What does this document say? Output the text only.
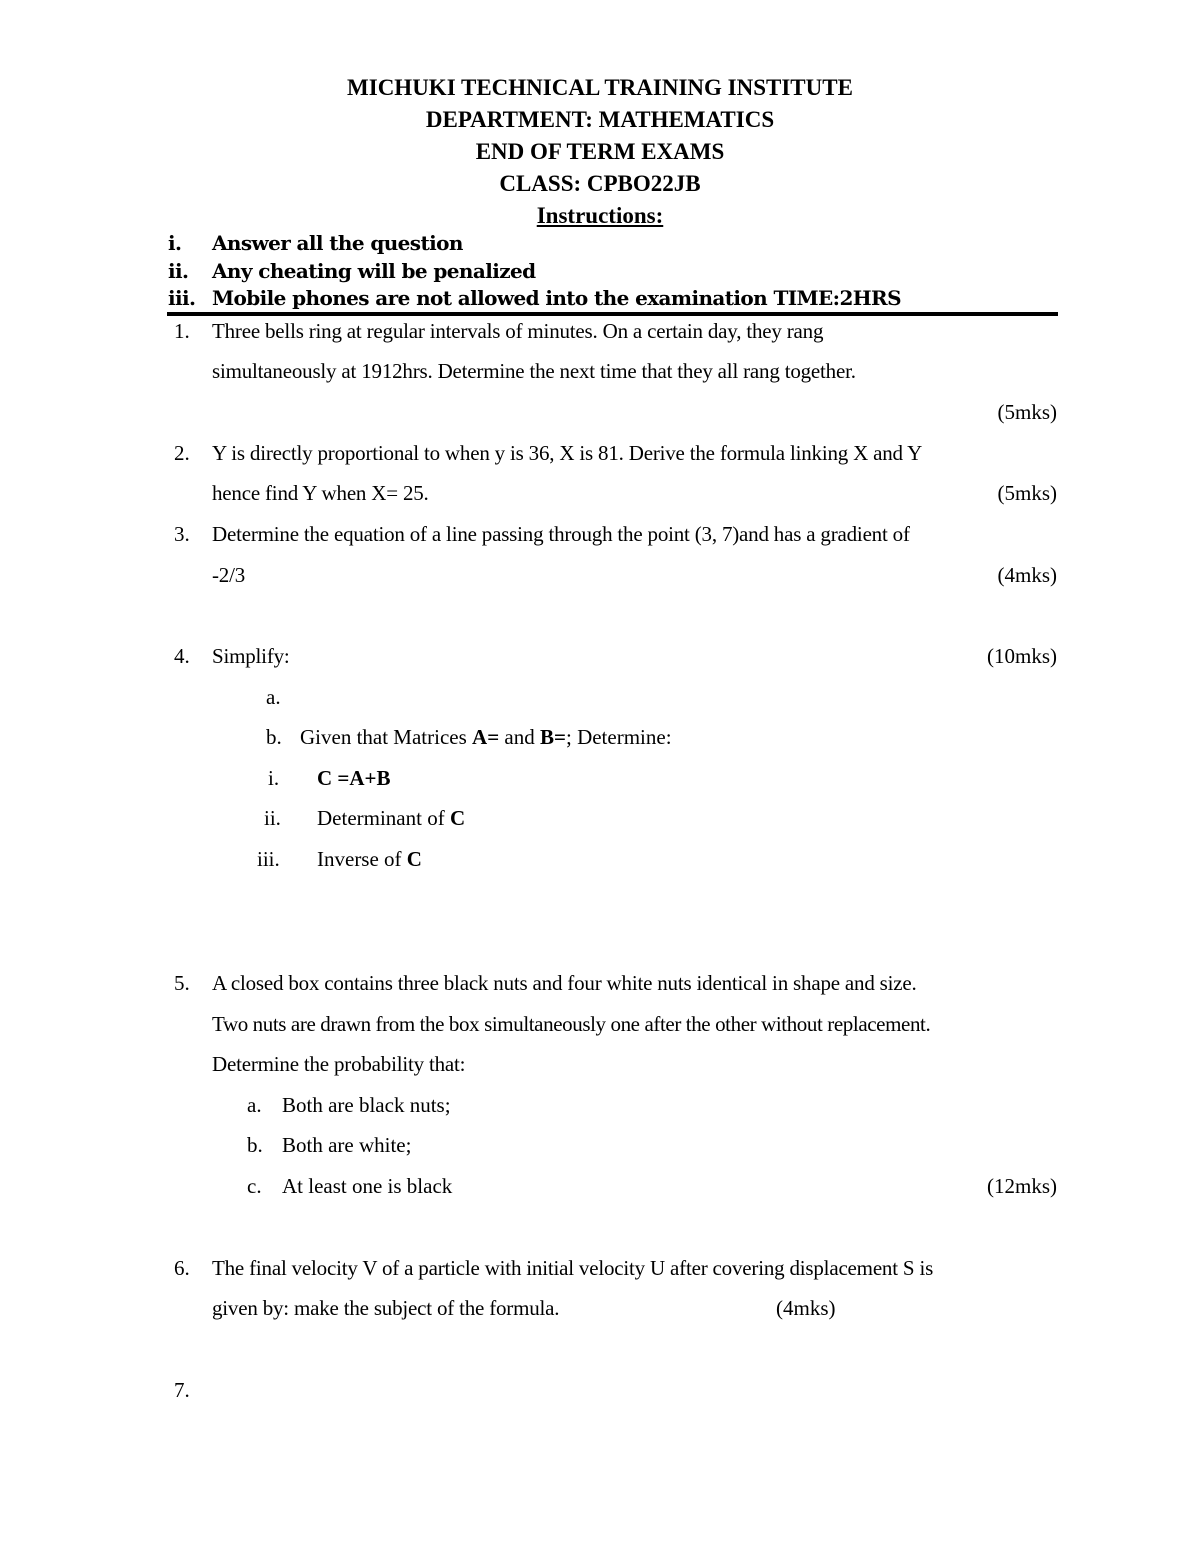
MICHUKI TECHNICAL TRAINING INSTITUTE
DEPARTMENT: MATHEMATICS
END OF TERM EXAMS
CLASS: CPBO22JB
Instructions:
i. Answer all the question
ii. Any cheating will be penalized
iii. Mobile phones are not allowed into the examination TIME:2HRS
1. Three bells ring at regular intervals of minutes. On a certain day, they rang
simultaneously at 1912hrs. Determine the next time that they all rang together.
(5mks)
2. Y is directly proportional to when y is 36, X is 81. Derive the formula linking X and Y
hence find Y when X= 25.	(5mks)
3. Determine the equation of a line passing through the point (3, 7)and has a gradient of
-2/3	(4mks)
4. Simplify:	(10mks)
a.
b. Given that Matrices A= and B=; Determine:
i. C =A+B
ii. Determinant of C
iii. Inverse of C
5. A closed box contains three black nuts and four white nuts identical in shape and size.
Two nuts are drawn from the box simultaneously one after the other without replacement.
Determine the probability that:
a. Both are black nuts;
b. Both are white;
c. At least one is black	(12mks)
6. The final velocity V of a particle with initial velocity U after covering displacement S is
given by: make the subject of the formula.	(4mks)
7.
